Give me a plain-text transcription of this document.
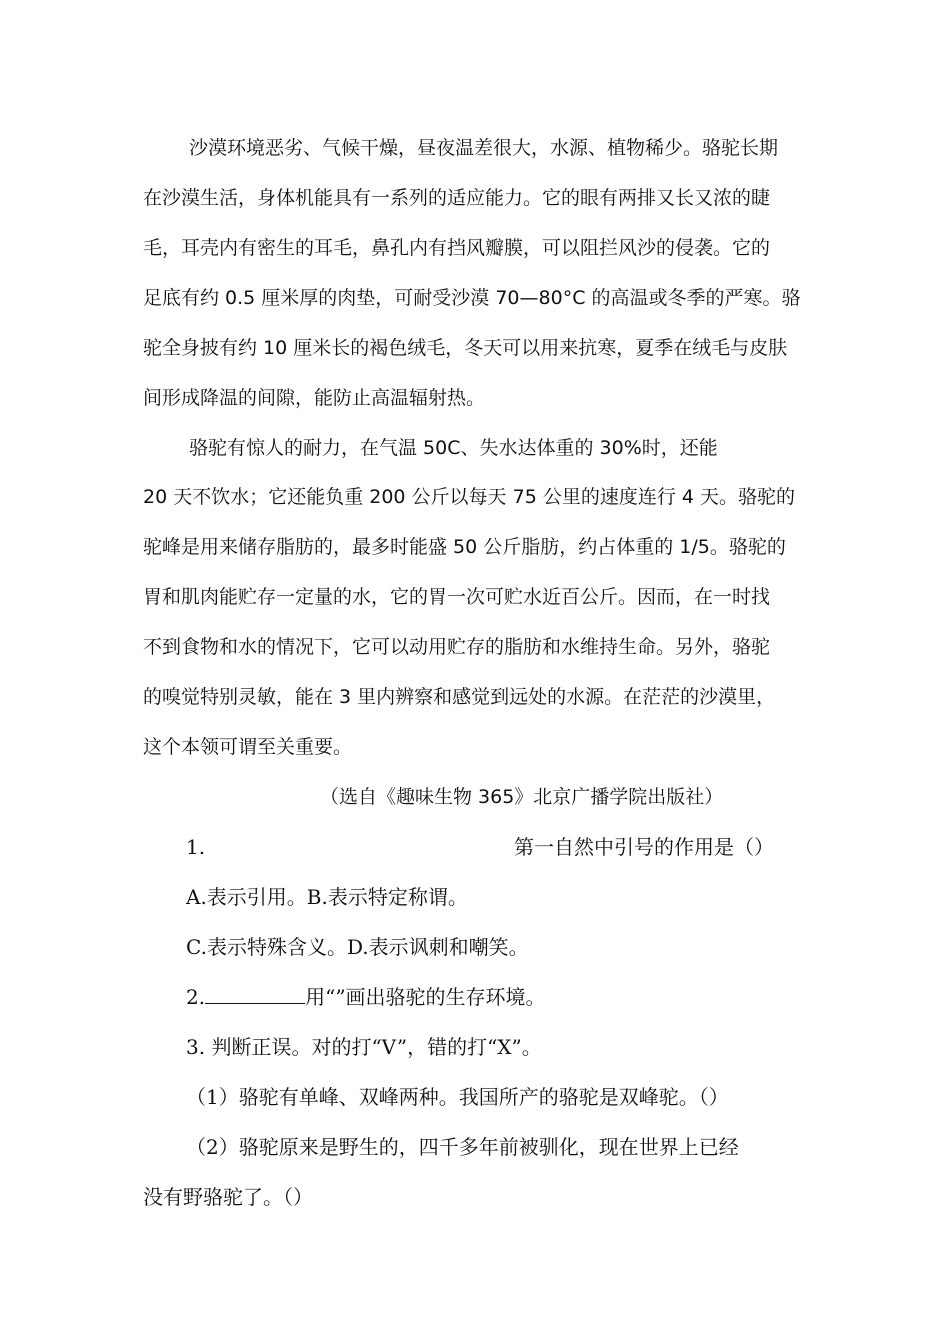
沙漠环境恶劣、气候干燥，昼夜温差很大，水源、植物稀少。骆驼长期
在沙漠生活，身体机能具有一系列的适应能力。它的眼有两排又长又浓的睫
毛，耳壳内有密生的耳毛，鼻孔内有挡风瓣膜，可以阻拦风沙的侵袭。它的
足底有约 0.5 厘米厚的肉垫，可耐受沙漠 70—80°C 的高温或冬季的严寒。骆
驼全身披有约 10 厘米长的褐色绒毛，冬天可以用来抗寒，夏季在绒毛与皮肤
间形成降温的间隙，能防止高温辐射热。
骆驼有惊人的耐力，在气温 50C、失水达体重的 30%时，还能
20 天不饮水；它还能负重 200 公斤以每天 75 公里的速度连行 4 天。骆驼的
驼峰是用来储存脂肪的，最多时能盛 50 公斤脂肪，约占体重的 1/5。骆驼的
胃和肌肉能贮存一定量的水，它的胃一次可贮水近百公斤。因而，在一时找
不到食物和水的情况下，它可以动用贮存的脂肪和水维持生命。另外，骆驼
的嗅觉特别灵敏，能在 3 里内辨察和感觉到远处的水源。在茫茫的沙漠里，
这个本领可谓至关重要。
（选自《趣味生物 365》北京广播学院出版社）
1.	第一自然中引号的作用是（）
A.表示引用。B.表示特定称谓。
C.表示特殊含义。D.表示讽刺和嘲笑。
2.	用“”画出骆驼的生存环境。
3. 判断正误。对的打“V”，错的打“X”。
（1）骆驼有单峰、双峰两种。我国所产的骆驼是双峰驼。（）
（2）骆驼原来是野生的，四千多年前被驯化，现在世界上已经
没有野骆驼了。（）
